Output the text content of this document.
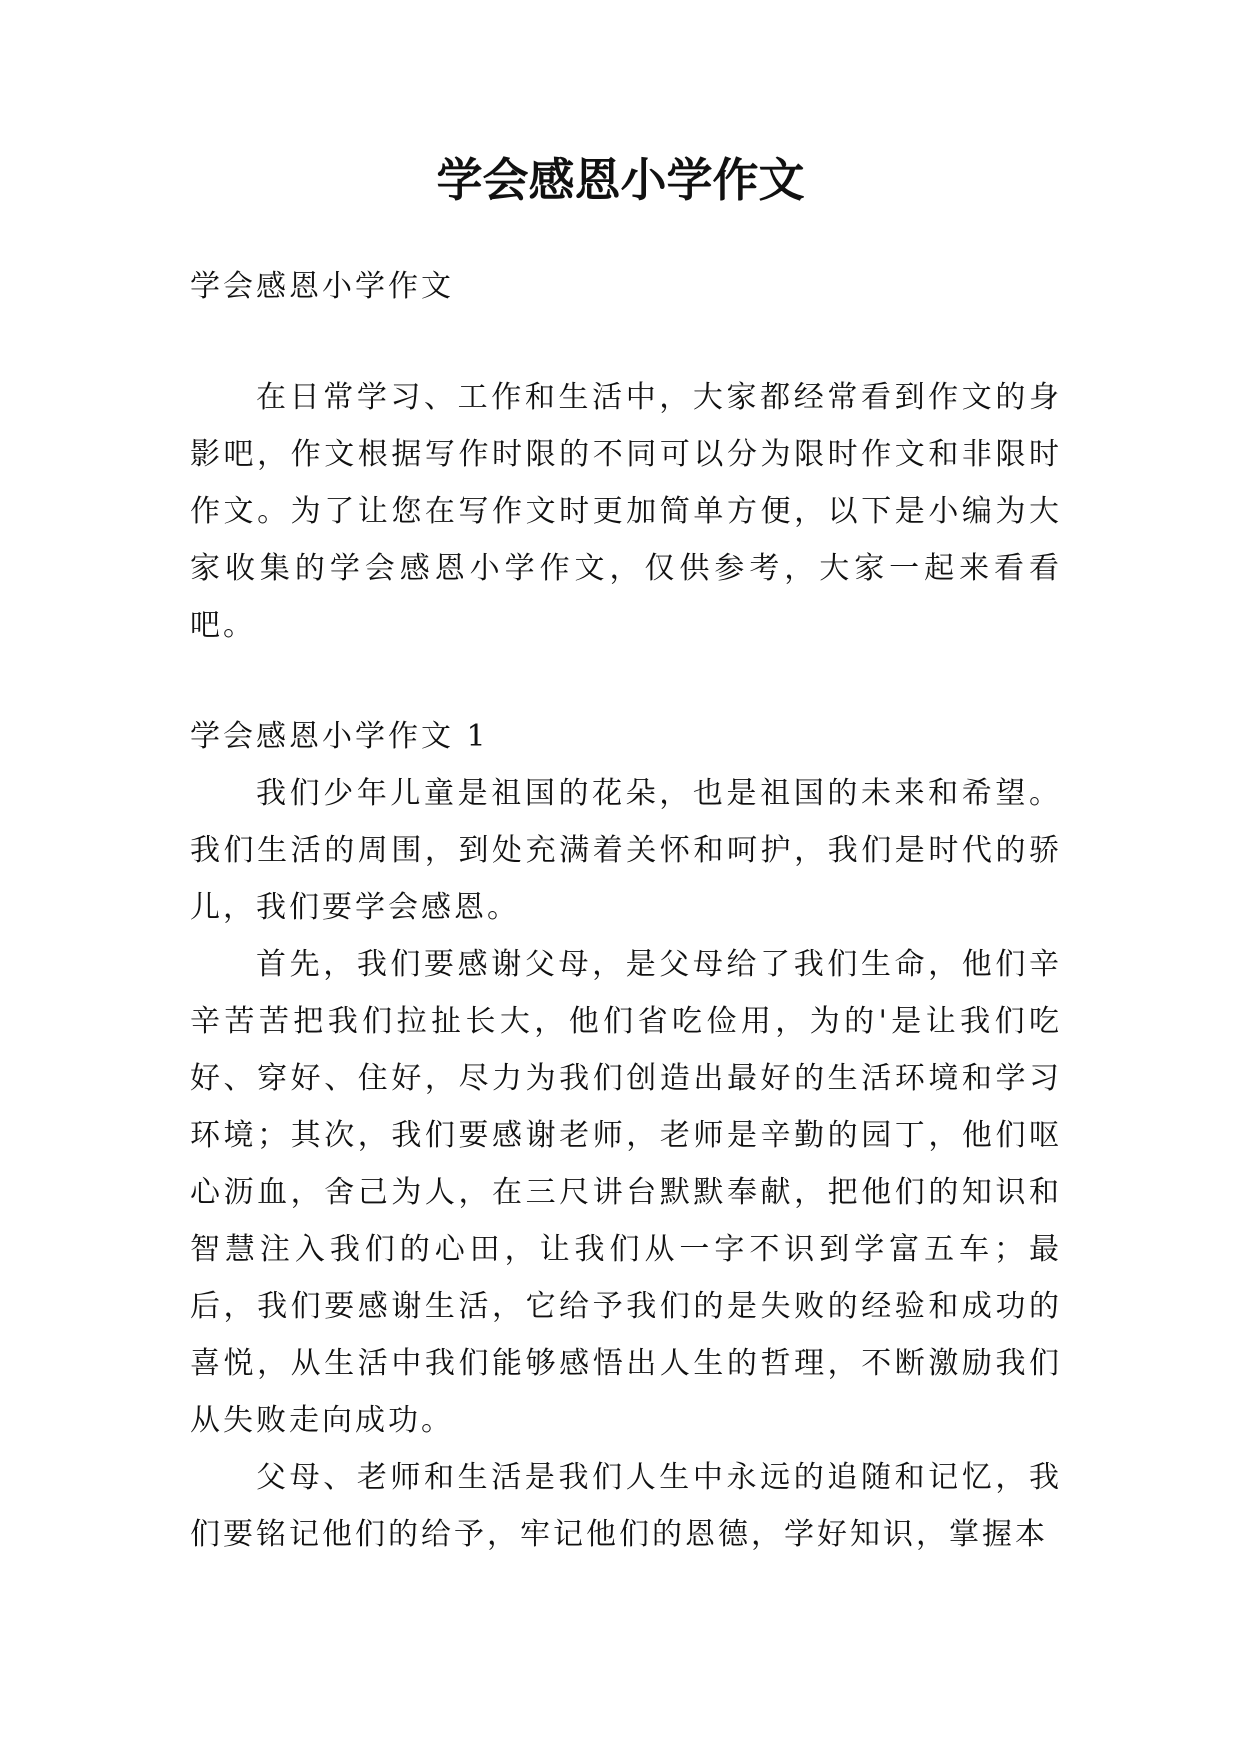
学会感恩小学作文

学会感恩小学作文

在日常学习、工作和生活中，大家都经常看到作文的身影吧，作文根据写作时限的不同可以分为限时作文和非限时作文。为了让您在写作文时更加简单方便，以下是小编为大家收集的学会感恩小学作文，仅供参考，大家一起来看看吧。

学会感恩小学作文 1

我们少年儿童是祖国的花朵，也是祖国的未来和希望。我们生活的周围，到处充满着关怀和呵护，我们是时代的骄儿，我们要学会感恩。

首先，我们要感谢父母，是父母给了我们生命，他们辛辛苦苦把我们拉扯长大，他们省吃俭用，为的'是让我们吃好、穿好、住好，尽力为我们创造出最好的生活环境和学习环境；其次，我们要感谢老师，老师是辛勤的园丁，他们呕心沥血，舍己为人，在三尺讲台默默奉献，把他们的知识和智慧注入我们的心田，让我们从一字不识到学富五车；最后，我们要感谢生活，它给予我们的是失败的经验和成功的喜悦，从生活中我们能够感悟出人生的哲理，不断激励我们从失败走向成功。

父母、老师和生活是我们人生中永远的追随和记忆，我们要铭记他们的给予，牢记他们的恩德，学好知识，掌握本
